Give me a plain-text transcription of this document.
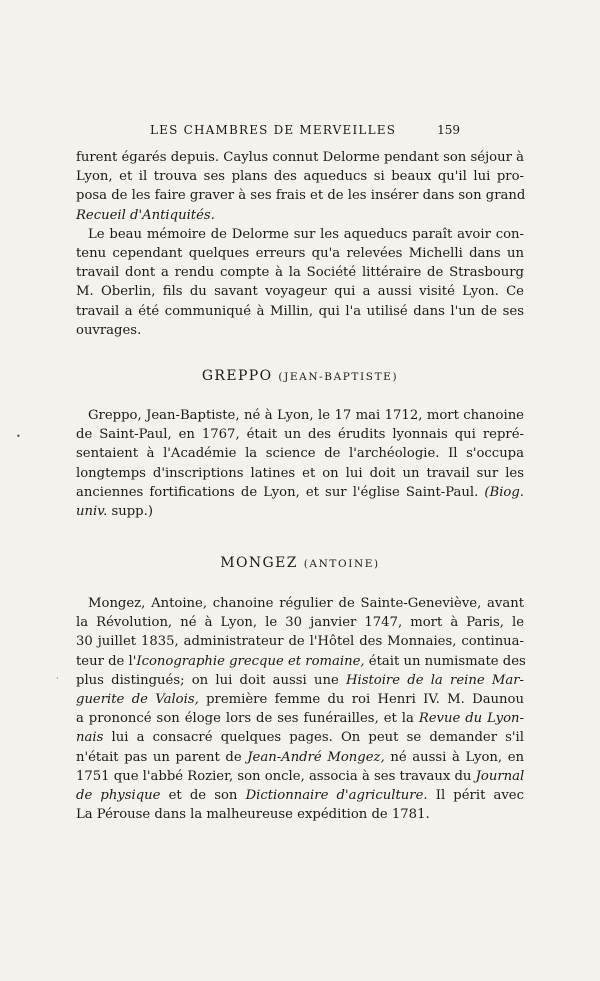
LES CHAMBRES DE MERVEILLES	159
furent égarés depuis. Caylus connut Delorme pendant son séjour à
Lyon, et il trouva ses plans des aqueducs si beaux qu'il lui pro-
posa de les faire graver à ses frais et de les insérer dans son grand
Recueil d'Antiquités.
Le beau mémoire de Delorme sur les aqueducs paraît avoir con-
tenu cependant quelques erreurs qu'a relevées Michelli dans un
travail dont a rendu compte à la Société littéraire de Strasbourg
M. Oberlin, fils du savant voyageur qui a aussi visité Lyon. Ce
travail a été communiqué à Millin, qui l'a utilisé dans l'un de ses
ouvrages.
GREPPO (JEAN-BAPTISTE)
Greppo, Jean-Baptiste, né à Lyon, le 17 mai 1712, mort chanoine
de Saint-Paul, en 1767, était un des érudits lyonnais qui repré-
sentaient à l'Académie la science de l'archéologie. Il s'occupa
longtemps d'inscriptions latines et on lui doit un travail sur les
anciennes fortifications de Lyon, et sur l'église Saint-Paul. (Biog.
univ. supp.)
MONGEZ (ANTOINE)
Mongez, Antoine, chanoine régulier de Sainte-Geneviève, avant
la Révolution, né à Lyon, le 30 janvier 1747, mort à Paris, le
30 juillet 1835, administrateur de l'Hôtel des Monnaies, continua-
teur de l'Iconographie grecque et romaine, était un numismate des
plus distingués; on lui doit aussi une Histoire de la reine Mar-
guerite de Valois, première femme du roi Henri IV. M. Daunou
a prononcé son éloge lors de ses funérailles, et la Revue du Lyon-
nais lui a consacré quelques pages. On peut se demander s'il
n'était pas un parent de Jean-André Mongez, né aussi à Lyon, en
1751 que l'abbé Rozier, son oncle, associa à ses travaux du Journal
de physique et de son Dictionnaire d'agriculture. Il périt avec
La Pérouse dans la malheureuse expédition de 1781.
•
·
